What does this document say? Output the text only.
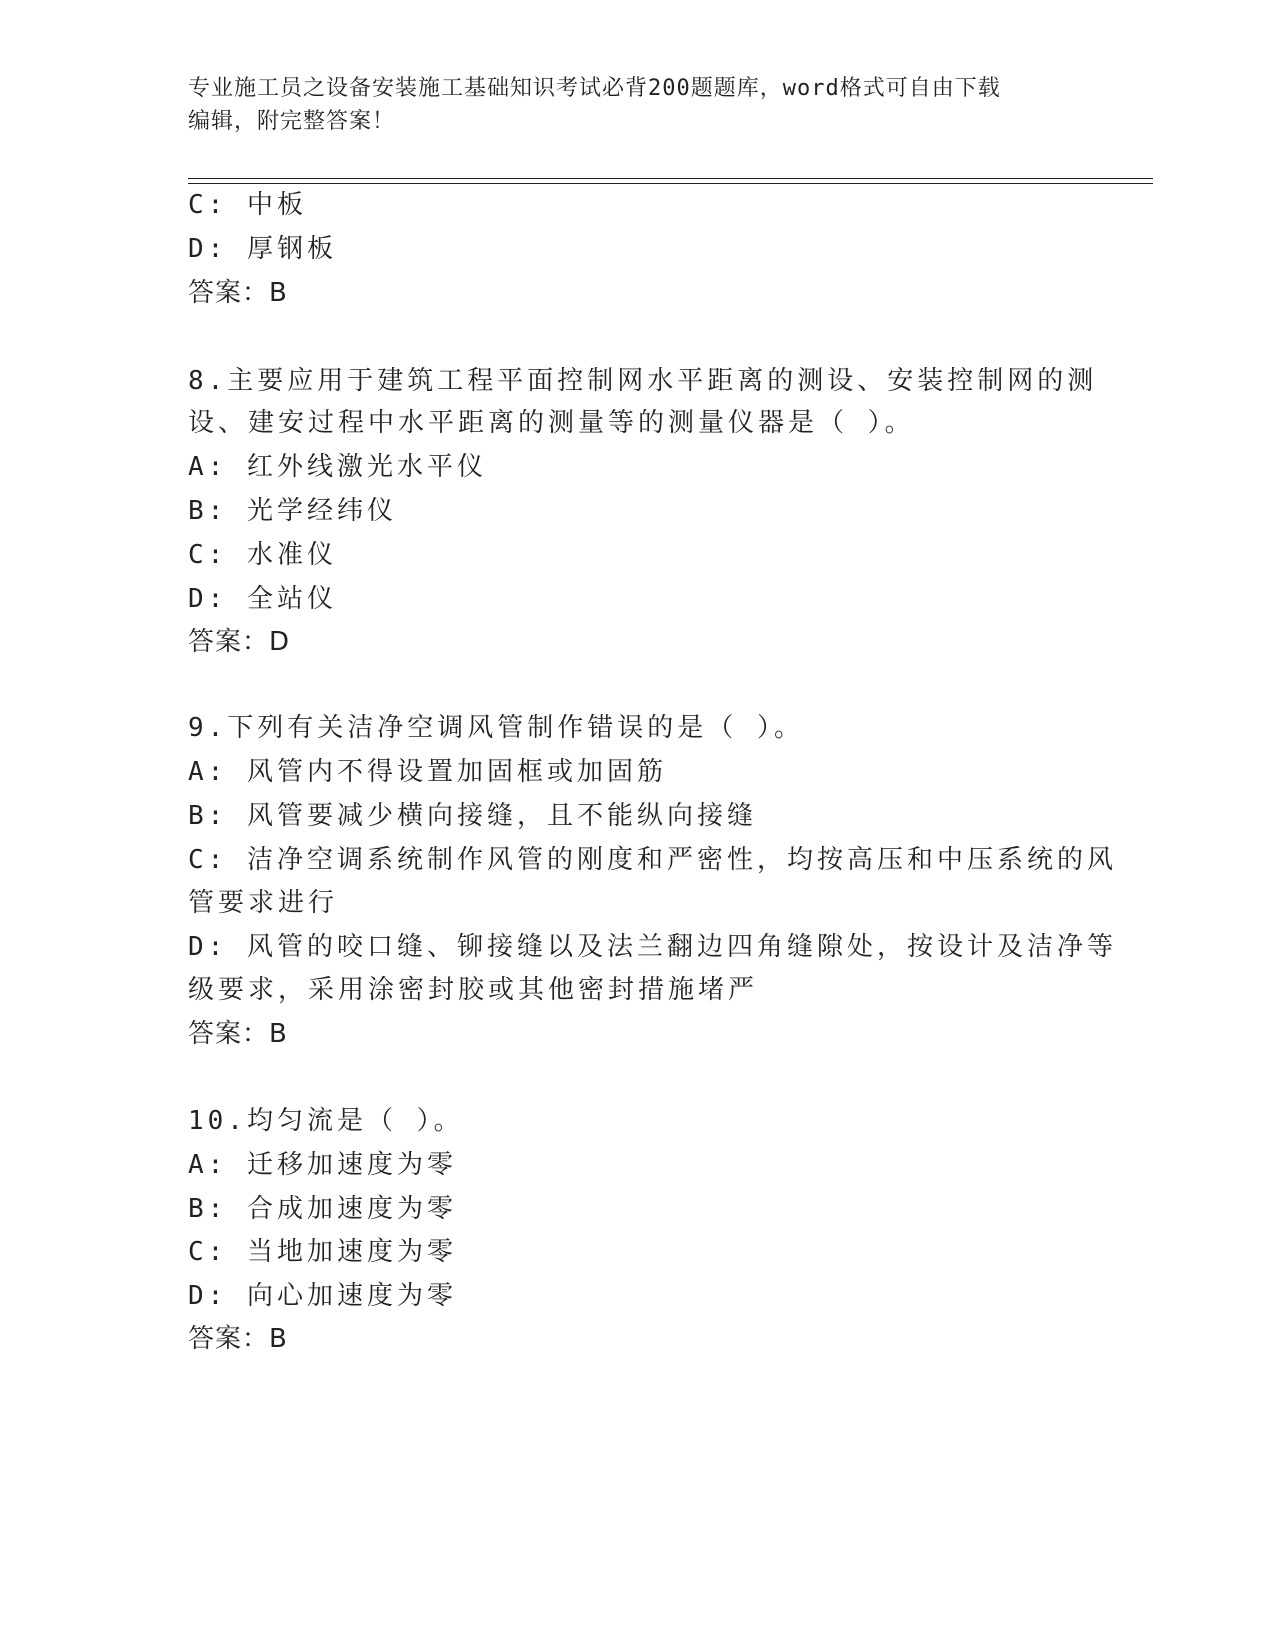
专业施工员之设备安装施工基础知识考试必背200题题库，word格式可自由下载
编辑，附完整答案！
C: 中板
D: 厚钢板
答案：B
8.主要应用于建筑工程平面控制网水平距离的测设、安装控制网的测
设、建安过程中水平距离的测量等的测量仪器是（ ）。
A: 红外线激光水平仪
B: 光学经纬仪
C: 水准仪
D: 全站仪
答案：D
9.下列有关洁净空调风管制作错误的是（ ）。
A: 风管内不得设置加固框或加固筋
B: 风管要减少横向接缝，且不能纵向接缝
C: 洁净空调系统制作风管的刚度和严密性，均按高压和中压系统的风
管要求进行
D: 风管的咬口缝、铆接缝以及法兰翻边四角缝隙处，按设计及洁净等
级要求，采用涂密封胶或其他密封措施堵严
答案：B
10.均匀流是（ ）。
A: 迁移加速度为零
B: 合成加速度为零
C: 当地加速度为零
D: 向心加速度为零
答案：B
